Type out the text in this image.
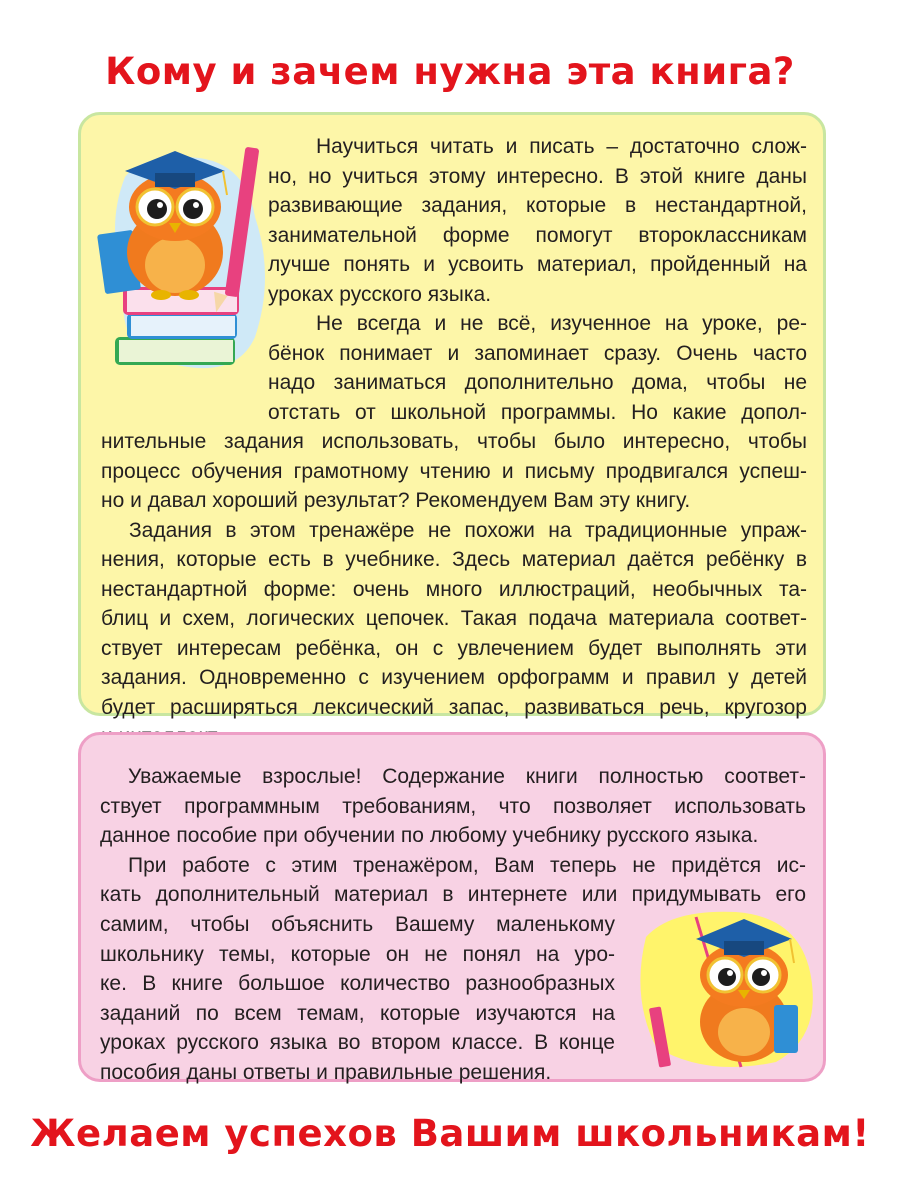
Кому и зачем нужна эта книга?
Научиться читать и писать – достаточно слож-
но, но учиться этому интересно. В этой книге даны
развивающие задания, которые в нестандартной,
занимательной форме помогут второклассникам
лучше понять и усвоить материал, пройденный на
уроках русского языка.
Не всегда и не всё, изученное на уроке, ре-
бёнок понимает и запоминает сразу. Очень часто
надо заниматься дополнительно дома, чтобы не
отстать от школьной программы. Но какие допол-
нительные задания использовать, чтобы было интересно, чтобы
процесс обучения грамотному чтению и письму продвигался успеш-
но и давал хороший результат? Рекомендуем Вам эту книгу.
Задания в этом тренажёре не похожи на традиционные упраж-
нения, которые есть в учебнике. Здесь материал даётся ребёнку в
нестандартной форме: очень много иллюстраций, необычных та-
блиц и схем, логических цепочек. Такая подача материала соответ-
ствует интересам ребёнка, он с увлечением будет выполнять эти
задания. Одновременно с изучением орфограмм и правил у детей
будет расширяться лексический запас, развиваться речь, кругозор
Уважаемые взрослые! Содержание книги полностью соответ-
ствует программным требованиям, что позволяет использовать
данное пособие при обучении по любому учебнику русского языка.
При работе с этим тренажёром, Вам теперь не придётся ис-
кать дополнительный материал в интернете или придумывать его
самим, чтобы объяснить Вашему маленькому
школьнику темы, которые он не понял на уро-
ке. В книге большое количество разнообразных
заданий по всем темам, которые изучаются на
уроках русского языка во втором классе. В конце
пособия даны ответы и правильные решения.
Желаем успехов Вашим школьникам!
